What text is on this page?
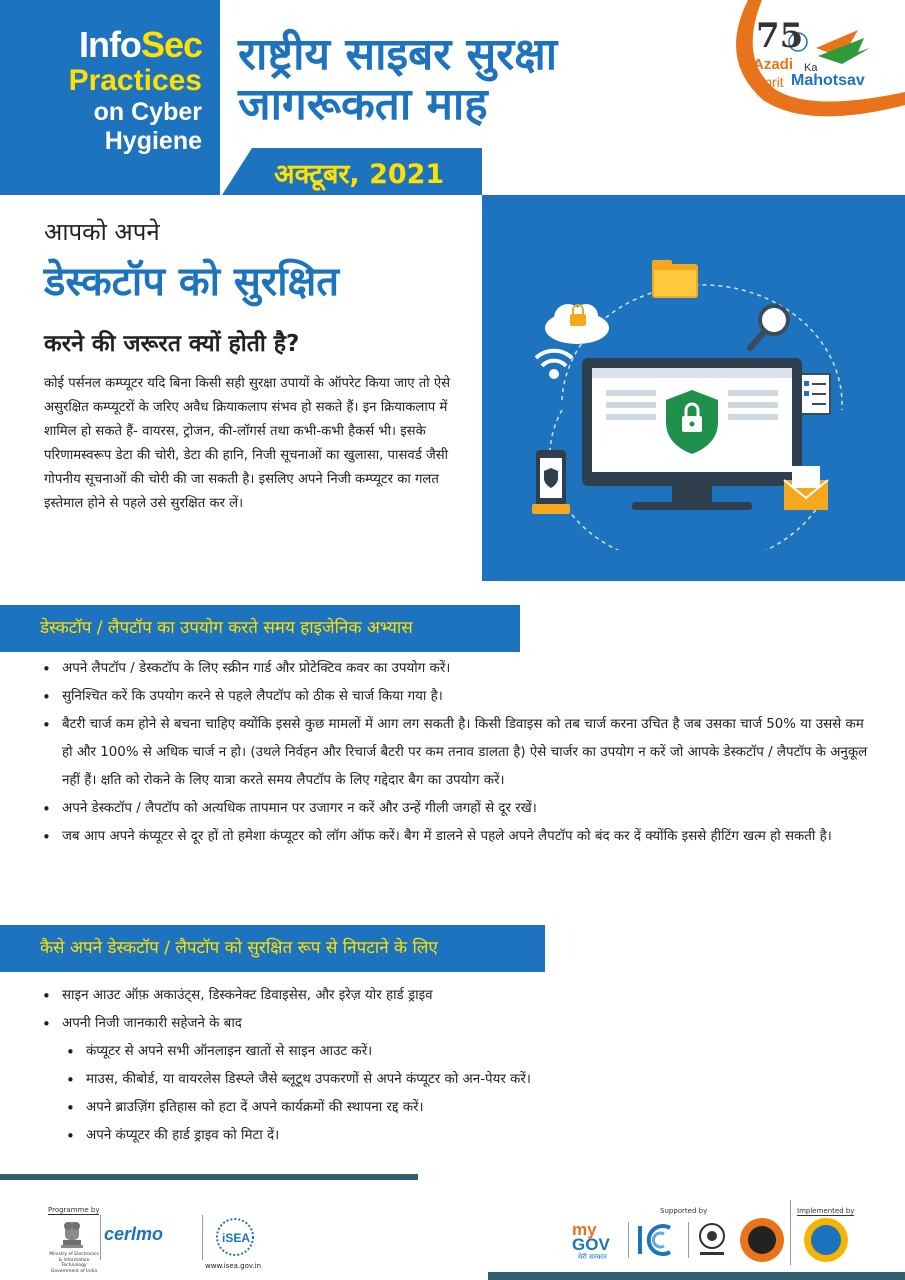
InfoSec
Practices
on Cyber
Hygiene
राष्ट्रीय साइबर सुरक्षा
जागरूकता माह
अक्टूबर, 2021
75
Azadi Ka
Amrit Mahotsav
आपको अपने
डेस्कटॉप को सुरक्षित
करने की जरूरत क्यों होती है?

कोई पर्सनल कम्प्यूटर यदि बिना किसी सही सुरक्षा उपायों के ऑपरेट किया जाए तो ऐसे असुरक्षित कम्प्यूटरों के जरिए अवैध क्रियाकलाप संभव हो सकते हैं। इन क्रियाकलाप में शामिल हो सकते हैं- वायरस, ट्रोजन, की-लॉगर्स तथा कभी-कभी हैकर्स भी। इसके परिणामस्वरूप डेटा की चोरी, डेटा की हानि, निजी सूचनाओं का खुलासा, पासवर्ड जैसी गोपनीय सूचनाओं की चोरी की जा सकती है। इसलिए अपने निजी कम्प्यूटर का गलत इस्तेमाल होने से पहले उसे सुरक्षित कर लें।

डेस्कटॉप / लैपटॉप का उपयोग करते समय हाइजेनिक अभ्यास
• अपने लैपटॉप / डेस्कटॉप के लिए स्क्रीन गार्ड और प्रोटेक्टिव कवर का उपयोग करें।
• सुनिश्चित करें कि उपयोग करने से पहले लैपटॉप को ठीक से चार्ज किया गया है।
• बैटरी चार्ज कम होने से बचना चाहिए क्योंकि इससे कुछ मामलों में आग लग सकती है। किसी डिवाइस को तब चार्ज करना उचित है जब उसका चार्ज 50% या उससे कम हो और 100% से अधिक चार्ज न हो। (उथले निर्वहन और रिचार्ज बैटरी पर कम तनाव डालता है) ऐसे चार्जर का उपयोग न करें जो आपके डेस्कटॉप / लैपटॉप के अनुकूल नहीं हैं। क्षति को रोकने के लिए यात्रा करते समय लैपटॉप के लिए गद्देदार बैग का उपयोग करें।
• अपने डेस्कटॉप / लैपटॉप को अत्यधिक तापमान पर उजागर न करें और उन्हें गीली जगहों से दूर रखें।
• जब आप अपने कंप्यूटर से दूर हों तो हमेशा कंप्यूटर को लॉग ऑफ करें। बैग में डालने से पहले अपने लैपटॉप को बंद कर दें क्योंकि इससे हीटिंग खत्म हो सकती है।
कैसे अपने डेस्कटॉप / लैपटॉप को सुरक्षित रूप से निपटाने के लिए
• साइन आउट ऑफ़ अकाउंट्स, डिस्कनेक्ट डिवाइसेस, और इरेज़ योर हार्ड ड्राइव
• अपनी निजी जानकारी सहेजने के बाद
• कंप्यूटर से अपने सभी ऑनलाइन खातों से साइन आउट करें।
• माउस, कीबोर्ड, या वायरलेस डिस्प्ले जैसे ब्लूटूथ उपकरणों से अपने कंप्यूटर को अन-पेयर करें।
• अपने ब्राउज़िंग इतिहास को हटा दें अपने कार्यक्रमों की स्थापना रद्द करें।
• अपने कंप्यूटर की हार्ड ड्राइव को मिटा दें।
Programme by
Ministry of Electronics & Information Technology Government of India
cerlmo	iSEA
www.isea.gov.in
Supported by	Implemented by
my
GOV
मेरी सरकार
